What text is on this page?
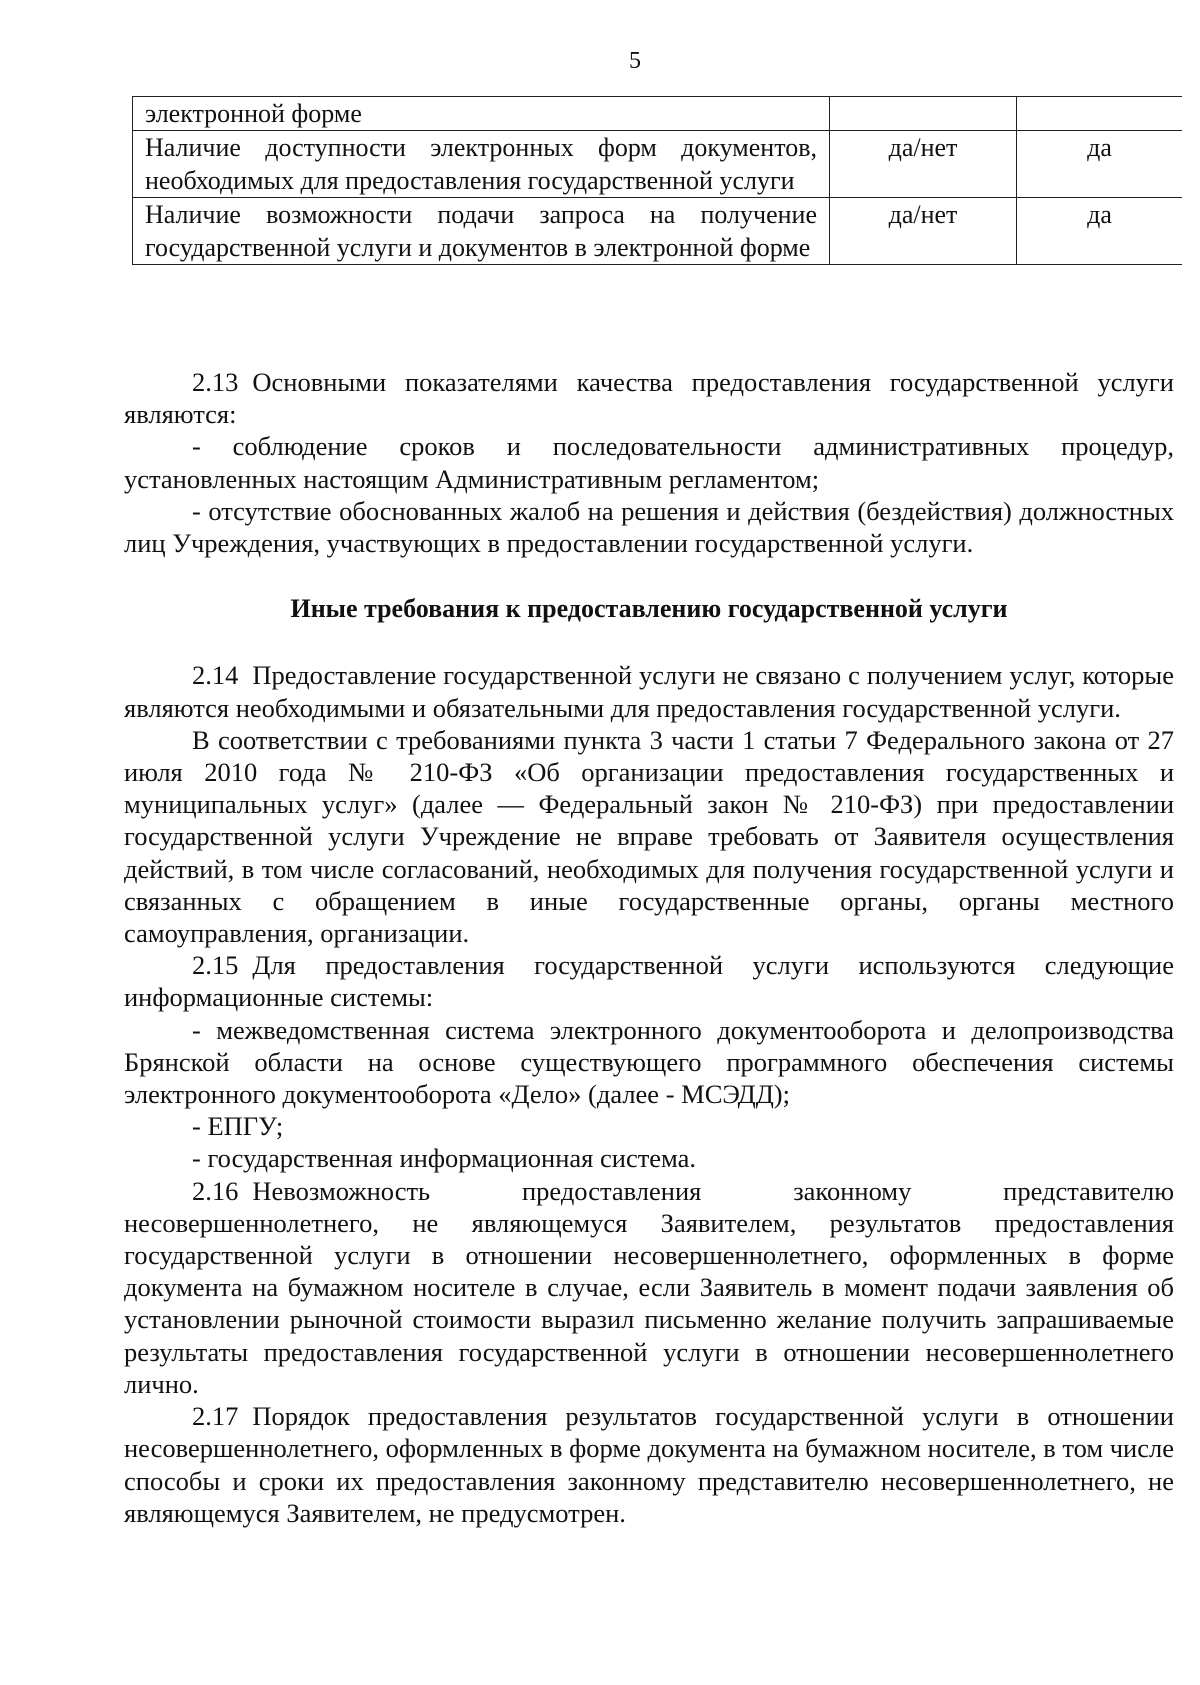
5
электронной форме		
Наличие доступности электронных форм документов, необходимых для предоставления государственной услуги	да/нет	да
Наличие возможности подачи запроса на получение государственной услуги и документов в электронной форме	да/нет	да

2.13 Основными показателями качества предоставления государственной услуги являются:

- соблюдение сроков и последовательности административных процедур, установленных настоящим Административным регламентом;

- отсутствие обоснованных жалоб на решения и действия (бездействия) должностных лиц Учреждения, участвующих в предоставлении государственной услуги.

Иные требования к предоставлению государственной услуги

2.14 Предоставление государственной услуги не связано с получением услуг, которые являются необходимыми и обязательными для предоставления государственной услуги.

В соответствии с требованиями пункта 3 части 1 статьи 7 Федерального закона от 27 июля 2010 года № 210-ФЗ «Об организации предоставления государственных и муниципальных услуг» (далее — Федеральный закон № 210-ФЗ) при предоставлении государственной услуги Учреждение не вправе требовать от Заявителя осуществления действий, в том числе согласований, необходимых для получения государственной услуги и связанных с обращением в иные государственные органы, органы местного самоуправления, организации.

2.15 Для предоставления государственной услуги используются следующие информационные системы:

- межведомственная система электронного документооборота и делопроизводства Брянской области на основе существующего программного обеспечения системы электронного документооборота «Дело» (далее - МСЭДД);

- ЕПГУ;

- государственная информационная система.

2.16 Невозможность предоставления законному представителю несовершеннолетнего, не являющемуся Заявителем, результатов предоставления государственной услуги в отношении несовершеннолетнего, оформленных в форме документа на бумажном носителе в случае, если Заявитель в момент подачи заявления об установлении рыночной стоимости выразил письменно желание получить запрашиваемые результаты предоставления государственной услуги в отношении несовершеннолетнего лично.

2.17 Порядок предоставления результатов государственной услуги в отношении несовершеннолетнего, оформленных в форме документа на бумажном носителе, в том числе способы и сроки их предоставления законному представителю несовершеннолетнего, не являющемуся Заявителем, не предусмотрен.
